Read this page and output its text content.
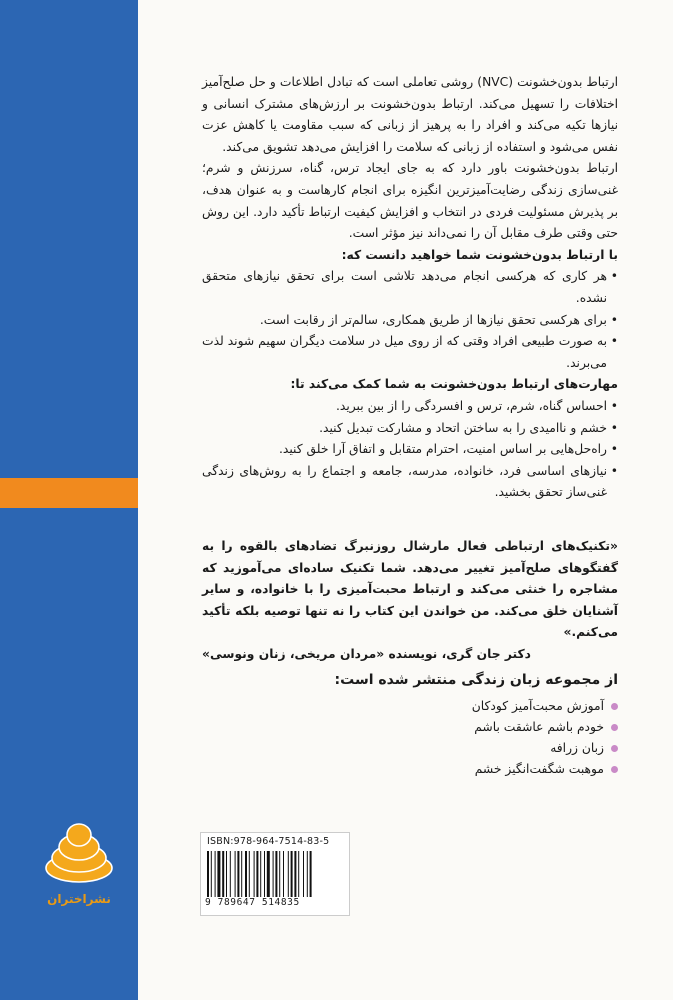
ارتباط بدون‌خشونت (NVC) روشی تعاملی است که تبادل اطلاعات و حل صلح‌آمیز اختلافات را تسهیل می‌کند. ارتباط بدون‌خشونت بر ارزش‌های مشترک انسانی و نیازها تکیه می‌کند و افراد را به پرهیز از زبانی که سبب مقاومت یا کاهش عزت نفس می‌شود و استفاده از زبانی که سلامت را افزایش می‌دهد تشویق می‌کند.

ارتباط بدون‌خشونت باور دارد که به جای ایجاد ترس، گناه، سرزنش و شرم؛ غنی‌سازی زندگی رضایت‌آمیزترین انگیزه برای انجام کارهاست و به عنوان هدف، بر پذیرش مسئولیت فردی در انتخاب و افزایش کیفیت ارتباط تأکید دارد. این روش حتی وقتی طرف مقابل آن را نمی‌داند نیز مؤثر است.

با ارتباط بدون‌خشونت شما خواهید دانست که:

• هر کاری که هرکسی انجام می‌دهد تلاشی است برای تحقق نیازهای متحقق نشده.
• برای هرکسی تحقق نیازها از طریق همکاری، سالم‌تر از رقابت است.
• به صورت طبیعی افراد وقتی که از روی میل در سلامت دیگران سهیم شوند لذت می‌برند.

مهارت‌های ارتباط بدون‌خشونت به شما کمک می‌کند تا:

• احساس گناه، شرم، ترس و افسردگی را از بین ببرید.
• خشم و ناامیدی را به ساختن اتحاد و مشارکت تبدیل کنید.
• راه‌حل‌هایی بر اساس امنیت، احترام متقابل و اتفاق آرا خلق کنید.
• نیازهای اساسی فرد، خانواده، مدرسه، جامعه و اجتماع را به روش‌های زندگی غنی‌ساز تحقق بخشید.

«تکنیک‌های ارتباطی فعال مارشال روزنبرگ تضادهای بالقوه را به گفتگوهای صلح‌آمیز تغییر می‌دهد. شما تکنیک ساده‌ای می‌آموزید که مشاجره را خنثی می‌کند و ارتباط محبت‌آمیزی را با خانواده، و سایر آشنایان خلق می‌کند. من خواندن این کتاب را نه تنها توصیه بلکه تأکید می‌کنم.»

دکتر جان گری، نویسنده «مردان مریخی، زنان ونوسی»

از مجموعه زبان زندگی منتشر شده است:
آموزش محبت‌آمیز کودکان
خودم باشم عاشقت باشم
زبان زرافه
موهبت شگفت‌انگیز خشم
نشراختران
ISBN:978-964-7514-83-5
9 789647 514835
